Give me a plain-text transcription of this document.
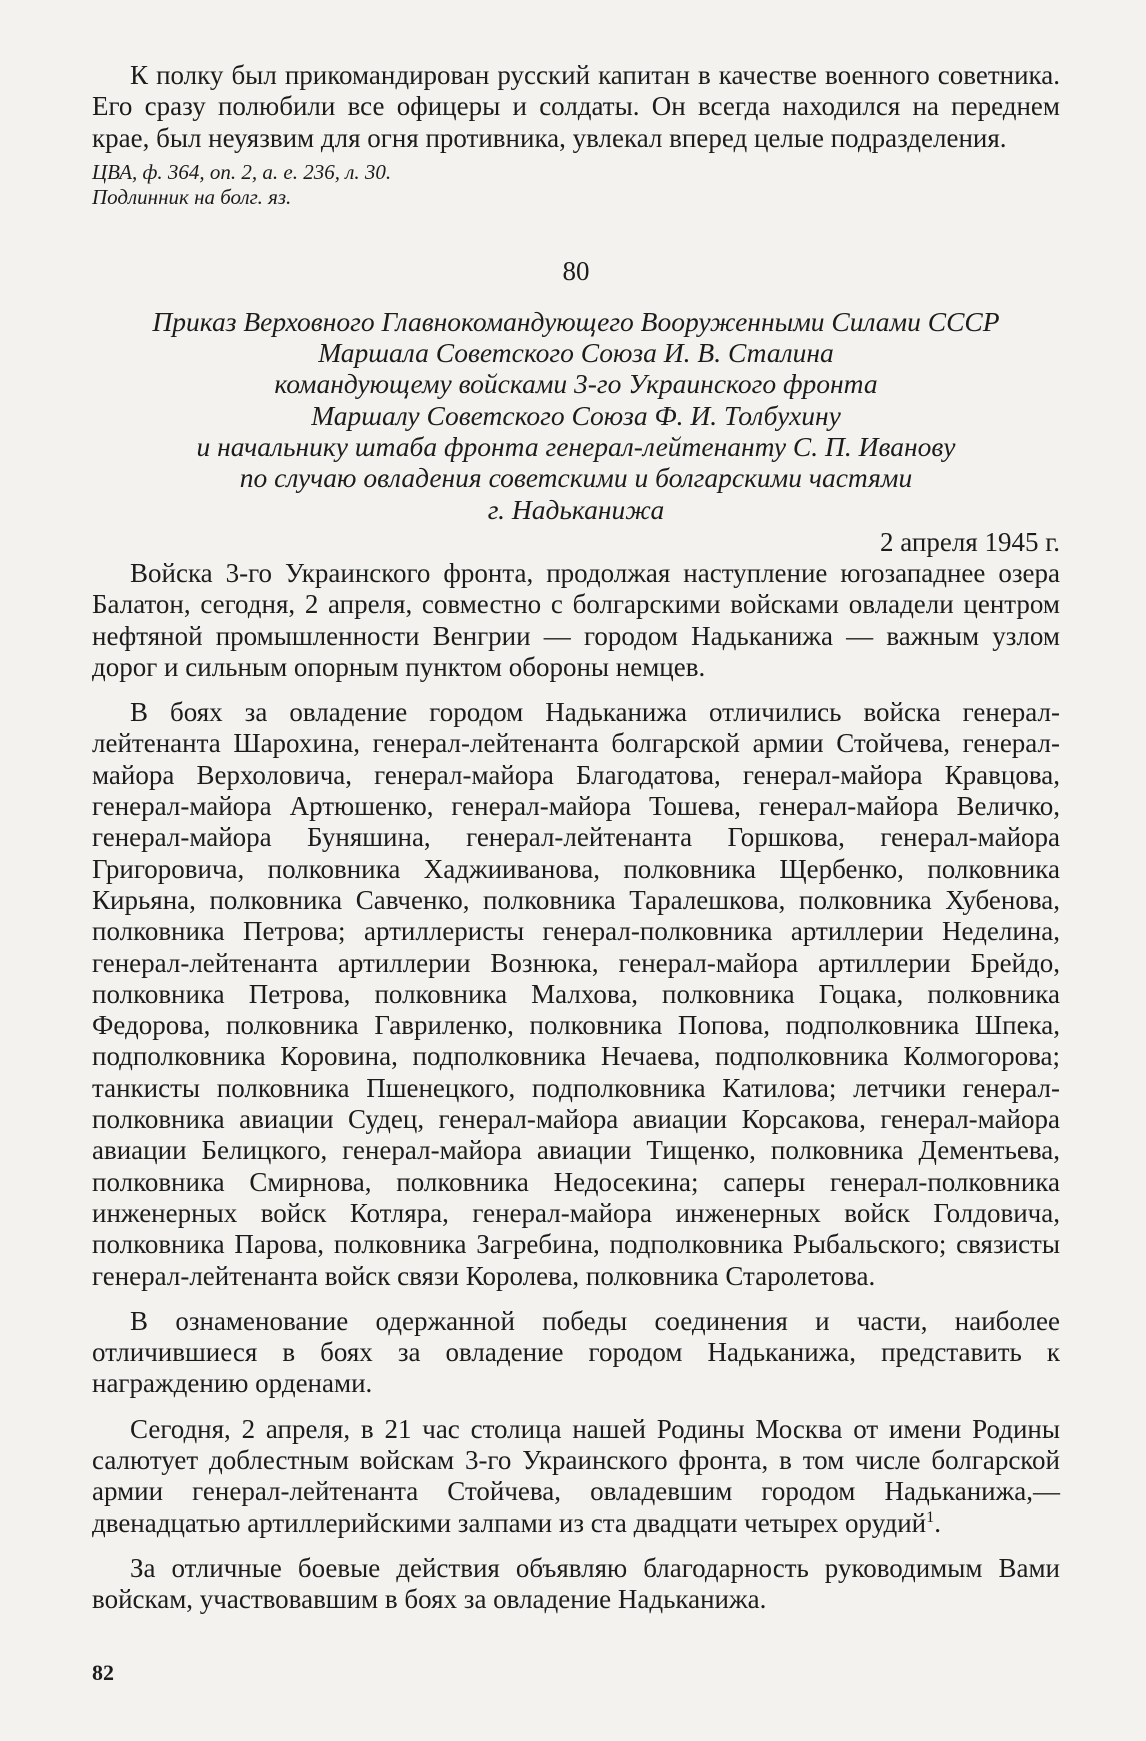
К полку был прикомандирован русский капитан в качестве военного советника. Его сразу полюбили все офицеры и солдаты. Он всегда находился на переднем крае, был неуязвим для огня противника, увлекал вперед целые подразделения.

ЦВА, ф. 364, оп. 2, а. е. 236, л. 30.

Подлинник на болг. яз.

80

Приказ Верховного Главнокомандующего Вооруженными Силами СССР

Маршала Советского Союза И. В. Сталина

командующему войсками 3-го Украинского фронта

Маршалу Советского Союза Ф. И. Толбухину

и начальнику штаба фронта генерал-лейтенанту С. П. Иванову

по случаю овладения советскими и болгарскими частями

г. Надьканижа

2 апреля 1945 г.

Войска 3-го Украинского фронта, продолжая наступление югозападнее озера Балатон, сегодня, 2 апреля, совместно с болгарскими войсками овладели центром нефтяной промышленности Венгрии — городом Надьканижа — важным узлом дорог и сильным опорным пунктом обороны немцев.

В боях за овладение городом Надьканижа отличились войска генерал-лейтенанта Шарохина, генерал-лейтенанта болгарской армии Стойчева, генерал-майора Верхоловича, генерал-майора Благодатова, генерал-майора Кравцова, генерал-майора Артюшенко, генерал-майора Тошева, генерал-майора Величко, генерал-майора Буняшина, генерал-лейтенанта Горшкова, генерал-майора Григоровича, полковника Хаджииванова, полковника Щербенко, полковника Кирьяна, полковника Савченко, полковника Таралешкова, полковника Хубенова, полковника Петрова; артиллеристы генерал-полковника артиллерии Неделина, генерал-лейтенанта артиллерии Вознюка, генерал-майора артиллерии Брейдо, полковника Петрова, полковника Малхова, полковника Гоцака, полковника Федорова, полковника Гавриленко, полковника Попова, подполковника Шпека, подполковника Коровина, подполковника Нечаева, подполковника Колмогорова; танкисты полковника Пшенецкого, подполковника Катилова; летчики генерал-полковника авиации Судец, генерал-майора авиации Корсакова, генерал-майора авиации Белицкого, генерал-майора авиации Тищенко, полковника Дементьева, полковника Смирнова, полковника Недосекина; саперы генерал-полковника инженерных войск Котляра, генерал-майора инженерных войск Голдовича, полковника Парова, полковника Загребина, подполковника Рыбальского; связисты генерал-лейтенанта войск связи Королева, полковника Старолетова.

В ознаменование одержанной победы соединения и части, наиболее отличившиеся в боях за овладение городом Надьканижа, представить к награждению орденами.

Сегодня, 2 апреля, в 21 час столица нашей Родины Москва от имени Родины салютует доблестным войскам 3-го Украинского фронта, в том числе болгарской армии генерал-лейтенанта Стойчева, овладевшим городом Надьканижа,— двенадцатью артиллерийскими залпами из ста двадцати четырех орудий$^1$.

За отличные боевые действия объявляю благодарность руководимым Вами войскам, участвовавшим в боях за овладение Надьканижа.

82
